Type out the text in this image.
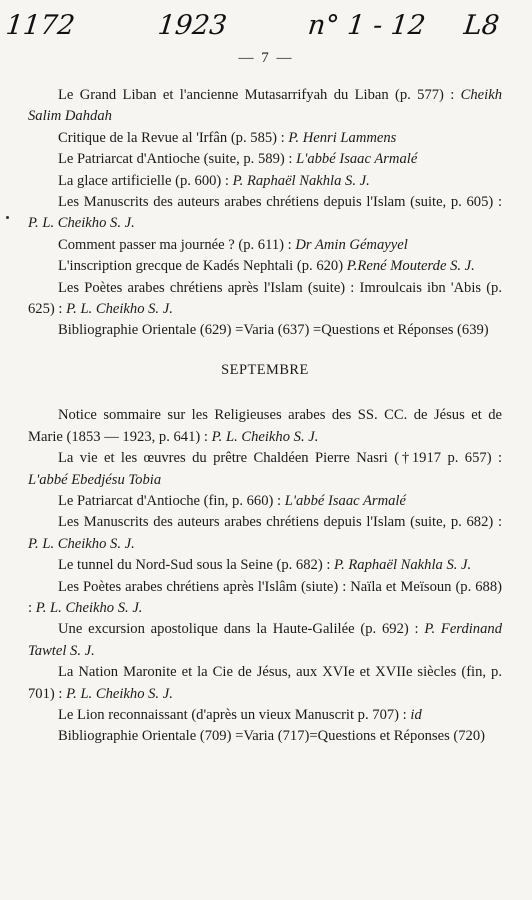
1172	1923	n° 1 - 12 L8
— 7 —

Le Grand Liban et l'ancienne Mutasarrifyah du Liban (p. 577) : Cheikh Salim Dahdah

Critique de la Revue al 'Irfân (p. 585) : P. Henri Lammens

Le Patriarcat d'Antioche (suite, p. 589) : L'abbé Isaac Armalé

La glace artificielle (p. 600) : P. Raphaël Nakhla S. J.

Les Manuscrits des auteurs arabes chrétiens depuis l'Islam (suite, p. 605) : P. L. Cheikho S. J.

Comment passer ma journée ? (p. 611) : Dr Amin Gémayyel

L'inscription grecque de Kadés Nephtali (p. 620) P.René Mouterde S. J.

Les Poètes arabes chrétiens après l'Islam (suite) : Imroulcais ibn 'Abis (p. 625) : P. L. Cheikho S. J.

Bibliographie Orientale (629) =Varia (637) =Questions et Réponses (639)

SEPTEMBRE

Notice sommaire sur les Religieuses arabes des SS. CC. de Jésus et de Marie (1853 — 1923, p. 641) : P. L. Cheikho S. J.

La vie et les œuvres du prêtre Chaldéen Pierre Nasri (†1917 p. 657) : L'abbé Ebedjésu Tobia

Le Patriarcat d'Antioche (fin, p. 660) : L'abbé Isaac Armalé

Les Manuscrits des auteurs arabes chrétiens depuis l'Islam (suite, p. 682) : P. L. Cheikho S. J.

Le tunnel du Nord-Sud sous la Seine (p. 682) : P. Raphaël Nakhla S. J.

Les Poètes arabes chrétiens après l'Islâm (siute) : Naïla et Meïsoun (p. 688) : P. L. Cheikho S. J.

Une excursion apostolique dans la Haute-Galilée (p. 692) : P. Ferdinand Tawtel S. J.

La Nation Maronite et la Cie de Jésus, aux XVIe et XVIIe siècles (fin, p. 701) : P. L. Cheikho S. J.

Le Lion reconnaissant (d'après un vieux Manuscrit p. 707) : id

Bibliographie Orientale (709) =Varia (717)=Questions et Réponses (720)
